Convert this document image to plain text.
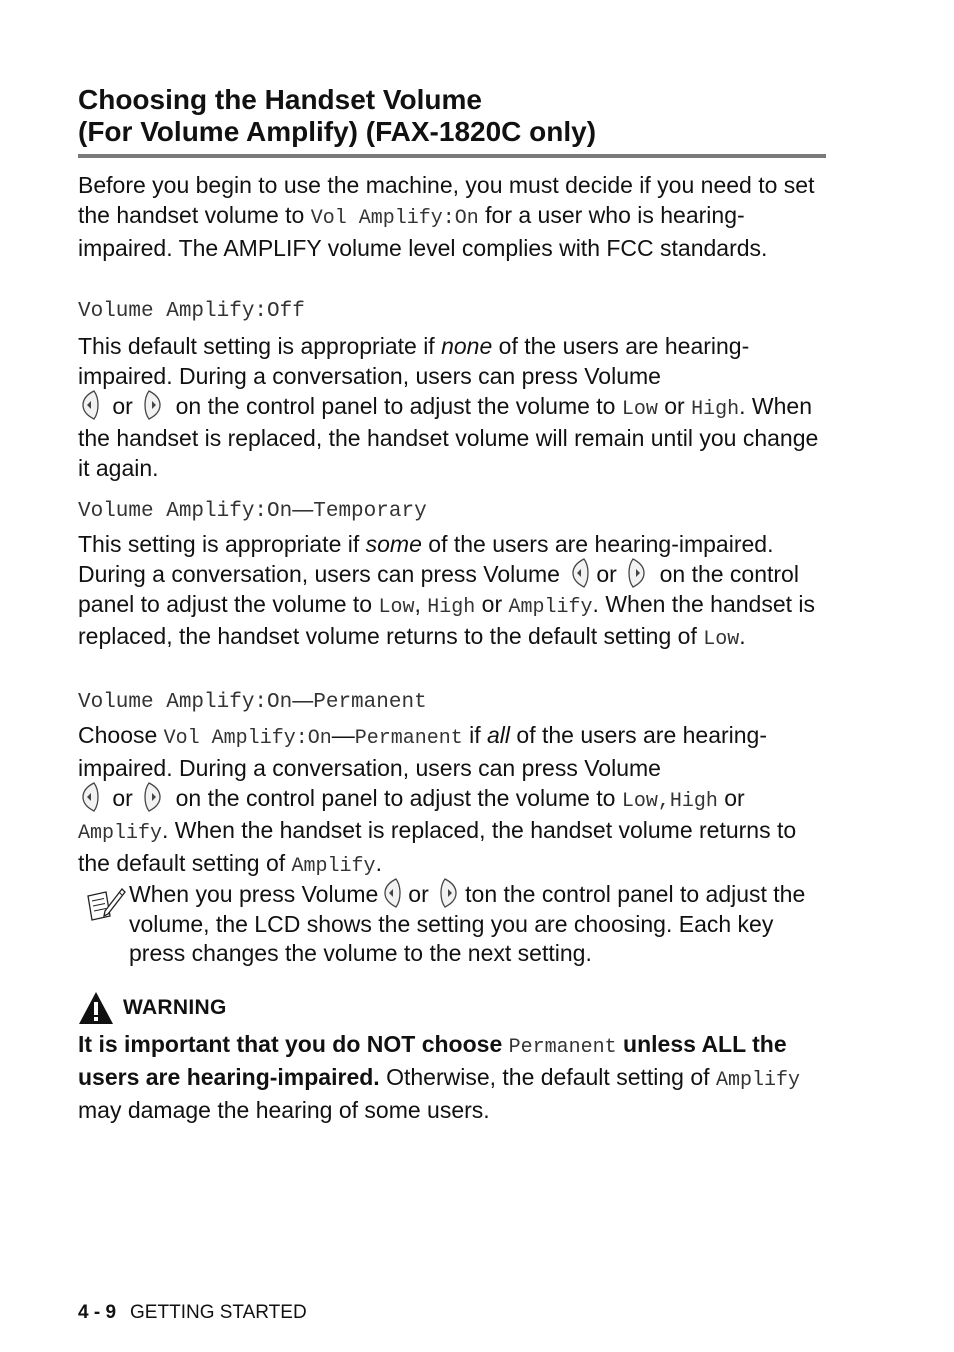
Choosing the Handset Volume
(For Volume Amplify) (FAX-1820C only)

Before you begin to use the machine, you must decide if you need to set the handset volume to Vol Amplify:On for a user who is hearing-impaired. The AMPLIFY volume level complies with FCC standards.

Volume Amplify:Off

This default setting is appropriate if none of the users are hearing-impaired. During a conversation, users can press Volume

or
on the control panel to adjust the volume to Low or High. When the handset is replaced, the handset volume will remain until you change it again.

Volume Amplify:On—Temporary

This setting is appropriate if some of the users are hearing-impaired. During a conversation, users can press Volume
or
on the control panel to adjust the volume to Low, High or Amplify. When the handset is replaced, the handset volume returns to the default setting of Low.

Volume Amplify:On—Permanent

Choose Vol Amplify:On—Permanent if all of the users are hearing-impaired. During a conversation, users can press Volume

or
on the control panel to adjust the volume to Low,High or Amplify. When the handset is replaced, the handset volume returns to the default setting of Amplify.

When you press Volume or ton the control panel to adjust the volume, the LCD shows the setting you are choosing. Each key press changes the volume to the next setting.

WARNING

It is important that you do NOT choose Permanent unless ALL the users are hearing-impaired. Otherwise, the default setting of Amplify may damage the hearing of some users.

4 - 9 GETTING STARTED
